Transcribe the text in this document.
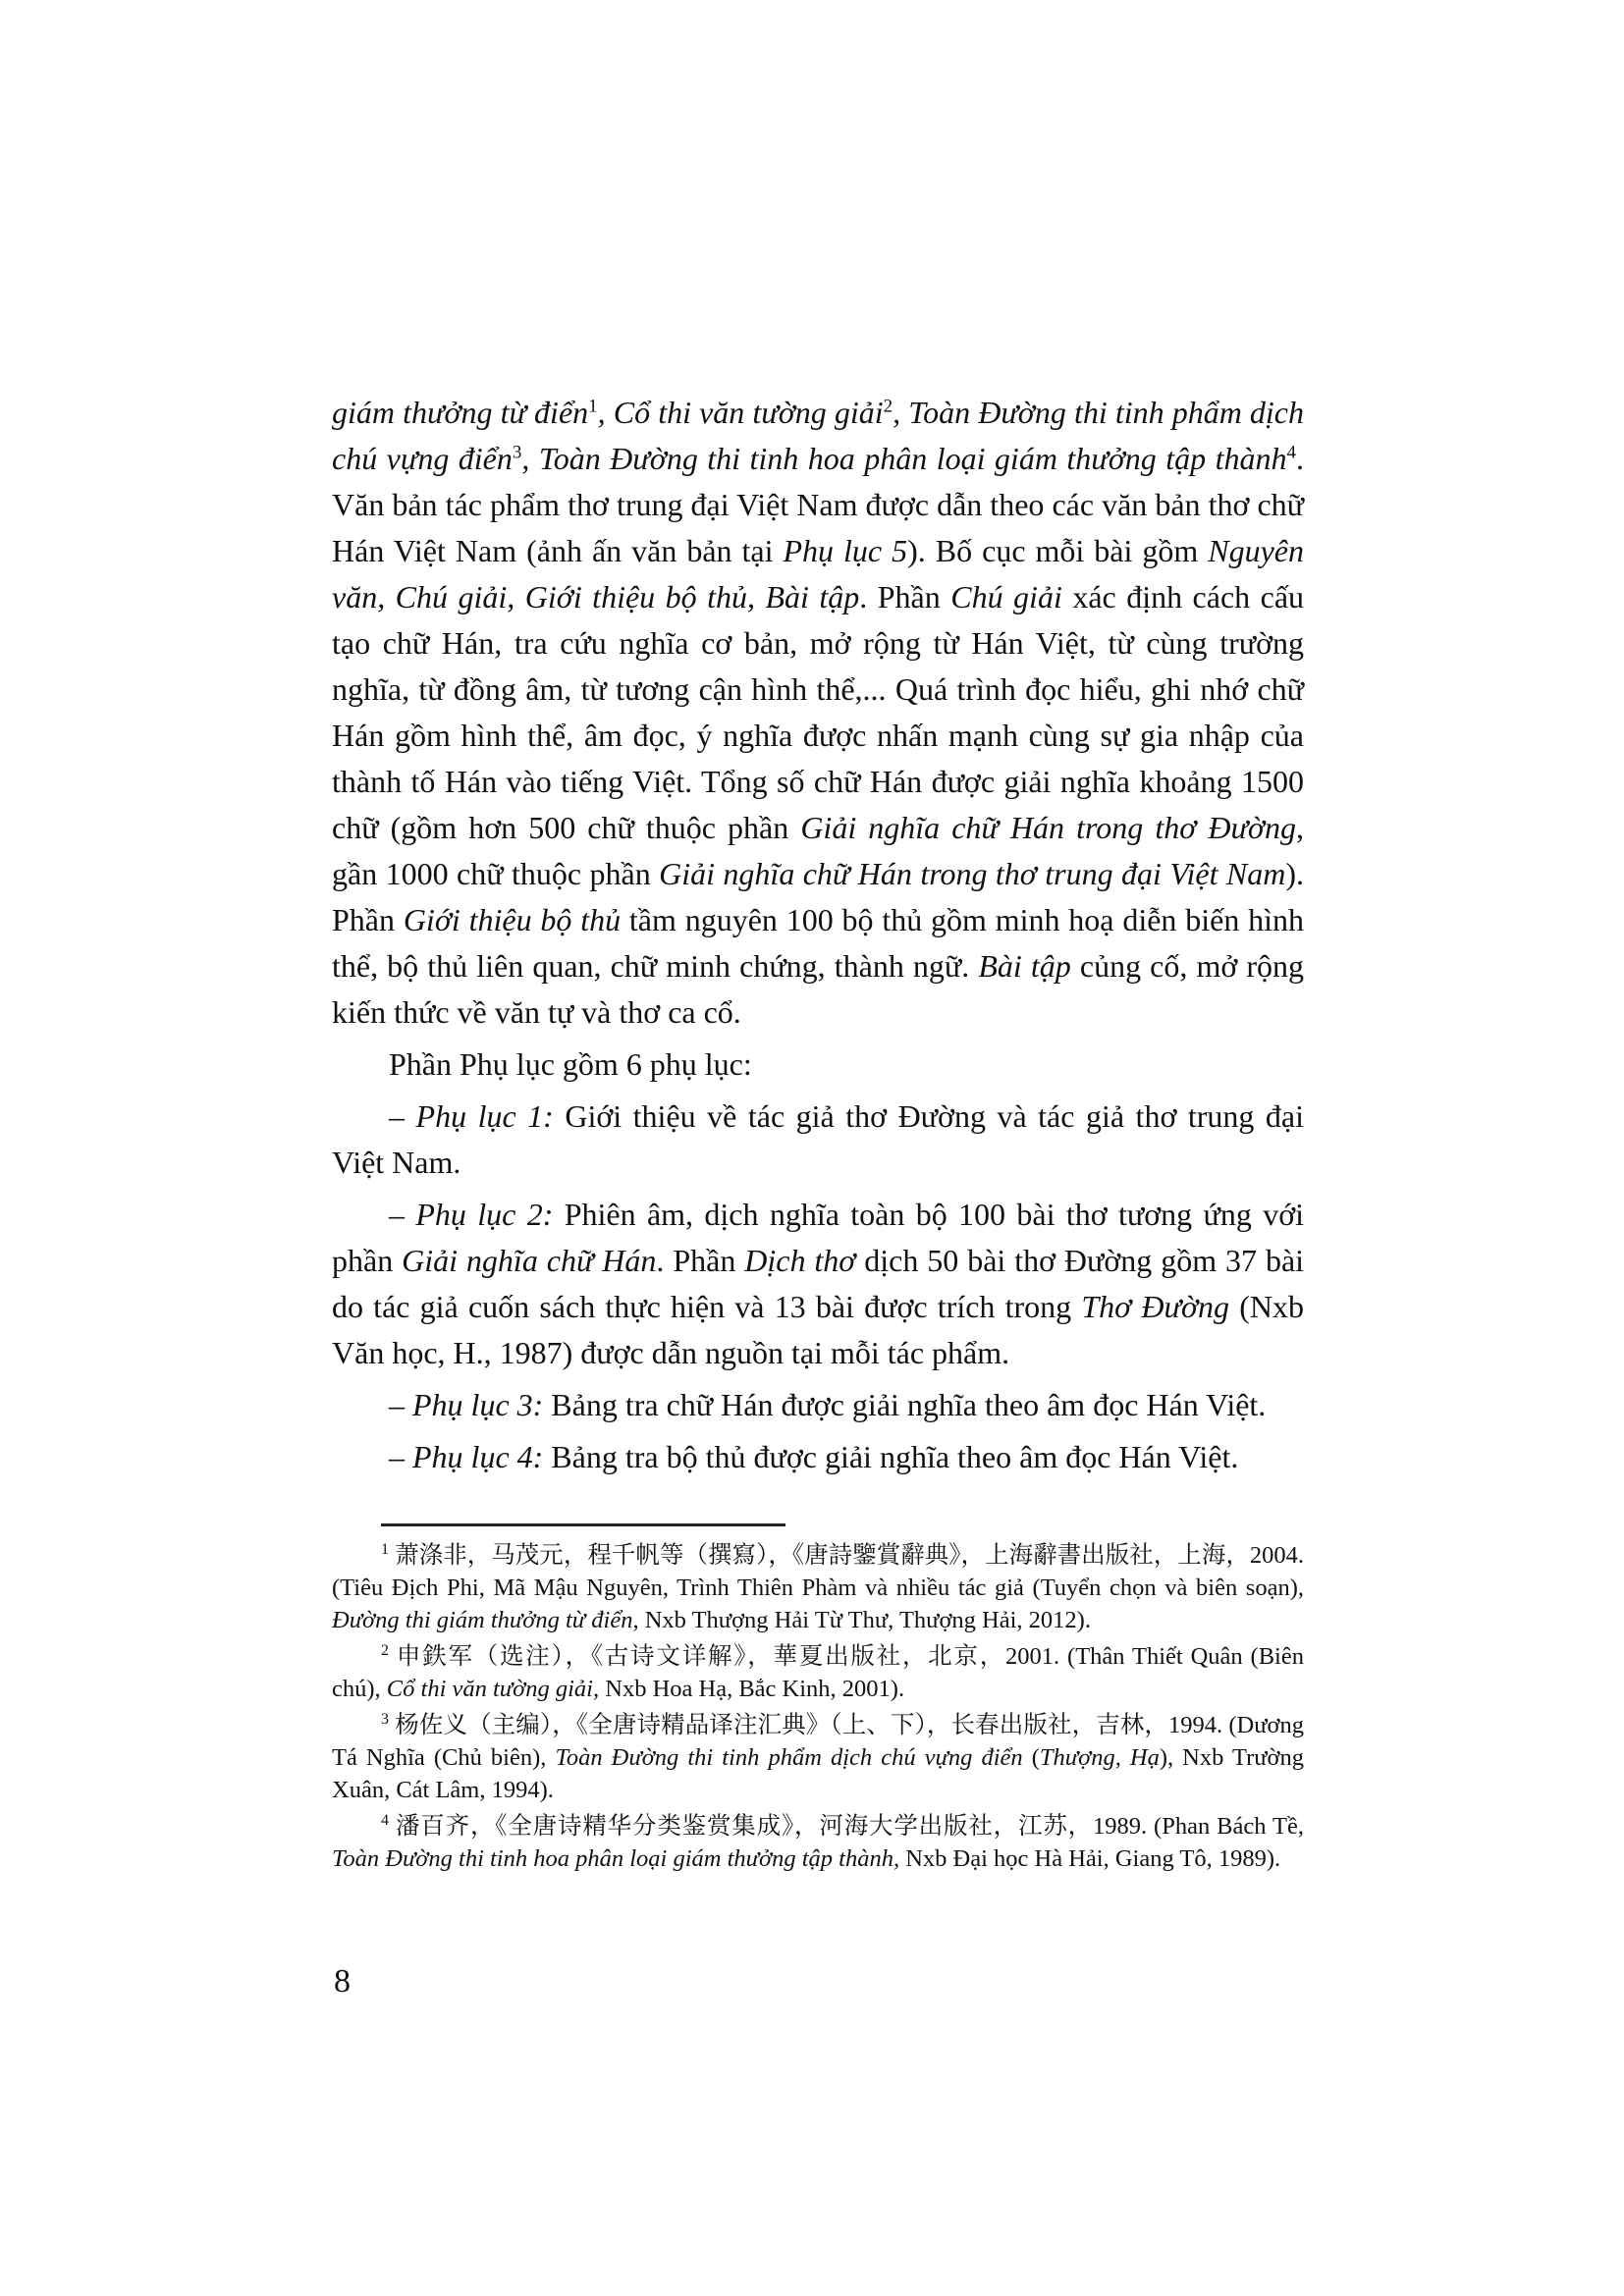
giám thưởng từ điển$^1$, Cổ thi văn tường giải$^2$, Toàn Đường thi tinh phẩm dịch chú vựng điển$^3$, Toàn Đường thi tinh hoa phân loại giám thưởng tập thành$^4$. Văn bản tác phẩm thơ trung đại Việt Nam được dẫn theo các văn bản thơ chữ Hán Việt Nam (ảnh ấn văn bản tại Phụ lục 5). Bố cục mỗi bài gồm Nguyên văn, Chú giải, Giới thiệu bộ thủ, Bài tập. Phần Chú giải xác định cách cấu tạo chữ Hán, tra cứu nghĩa cơ bản, mở rộng từ Hán Việt, từ cùng trường nghĩa, từ đồng âm, từ tương cận hình thể,... Quá trình đọc hiểu, ghi nhớ chữ Hán gồm hình thể, âm đọc, ý nghĩa được nhấn mạnh cùng sự gia nhập của thành tố Hán vào tiếng Việt. Tổng số chữ Hán được giải nghĩa khoảng 1500 chữ (gồm hơn 500 chữ thuộc phần Giải nghĩa chữ Hán trong thơ Đường, gần 1000 chữ thuộc phần Giải nghĩa chữ Hán trong thơ trung đại Việt Nam). Phần Giới thiệu bộ thủ tầm nguyên 100 bộ thủ gồm minh hoạ diễn biến hình thể, bộ thủ liên quan, chữ minh chứng, thành ngữ. Bài tập củng cố, mở rộng kiến thức về văn tự và thơ ca cổ.

Phần Phụ lục gồm 6 phụ lục:

– Phụ lục 1: Giới thiệu về tác giả thơ Đường và tác giả thơ trung đại Việt Nam.

– Phụ lục 2: Phiên âm, dịch nghĩa toàn bộ 100 bài thơ tương ứng với phần Giải nghĩa chữ Hán. Phần Dịch thơ dịch 50 bài thơ Đường gồm 37 bài do tác giả cuốn sách thực hiện và 13 bài được trích trong Thơ Đường (Nxb Văn học, H., 1987) được dẫn nguồn tại mỗi tác phẩm.

– Phụ lục 3: Bảng tra chữ Hán được giải nghĩa theo âm đọc Hán Việt.

– Phụ lục 4: Bảng tra bộ thủ được giải nghĩa theo âm đọc Hán Việt.

$^1$ 萧涤非，马茂元，程千帆等（撰寫），《唐詩鑒賞辭典》，上海辭書出版社，上海，2004. (Tiêu Địch Phi, Mã Mậu Nguyên, Trình Thiên Phàm và nhiều tác giả (Tuyển chọn và biên soạn), Đường thi giám thưởng từ điển, Nxb Thượng Hải Từ Thư, Thượng Hải, 2012).

$^2$ 申鉄军（选注），《古诗文详解》，華夏出版社，北京，2001. (Thân Thiết Quân (Biên chú), Cổ thi văn tường giải, Nxb Hoa Hạ, Bắc Kinh, 2001).

$^3$ 杨佐义（主编），《全唐诗精品译注汇典》（上、下），长春出版社，吉林，1994. (Dương Tá Nghĩa (Chủ biên), Toàn Đường thi tinh phẩm dịch chú vựng điển (Thượng, Hạ), Nxb Trường Xuân, Cát Lâm, 1994).

$^4$ 潘百齐，《全唐诗精华分类鉴赏集成》，河海大学出版社，江苏，1989. (Phan Bách Tề, Toàn Đường thi tinh hoa phân loại giám thưởng tập thành, Nxb Đại học Hà Hải, Giang Tô, 1989).

8
